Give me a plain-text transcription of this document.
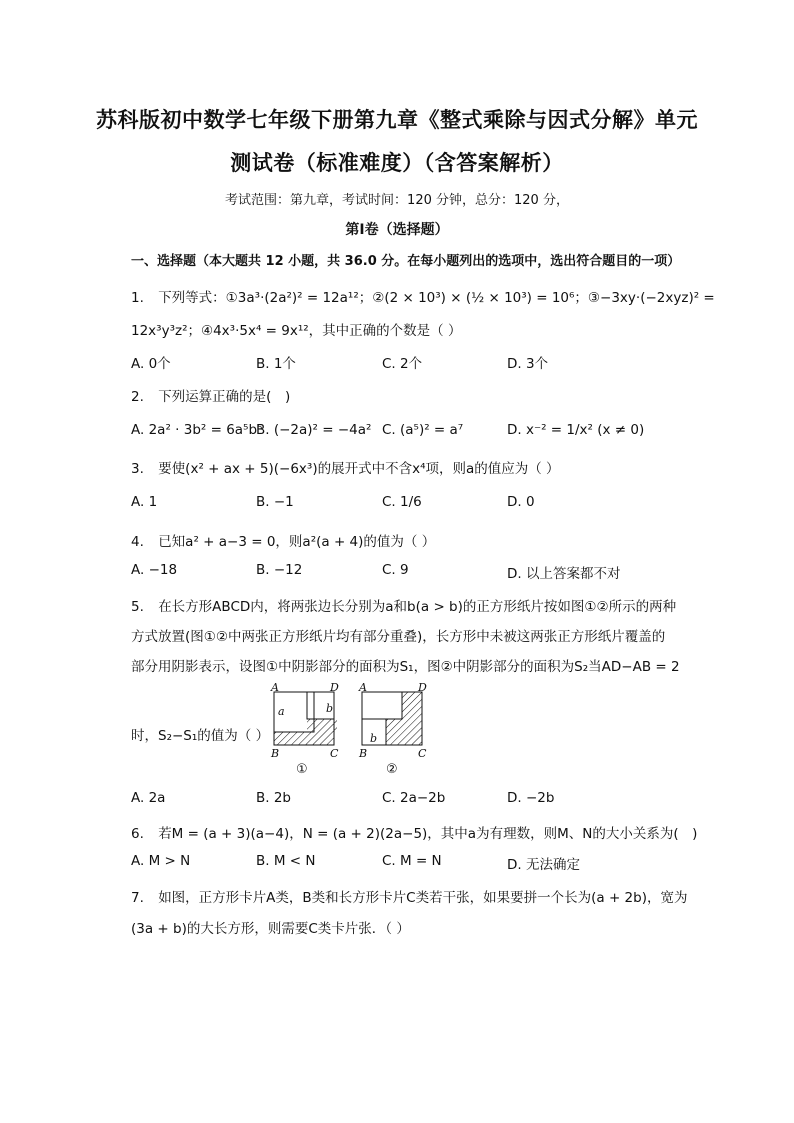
苏科版初中数学七年级下册第九章《整式乘除与因式分解》单元
测试卷（标准难度）（含答案解析）
考试范围：第九章，考试时间：120 分钟，总分：120 分，
第Ⅰ卷（选择题）
一、选择题（本大题共 12 小题，共 36.0 分。在每小题列出的选项中，选出符合题目的一项）
1. 下列等式：①3a³·(2a²)² = 12a¹²；②(2 × 10³) × (½ × 10³) = 10⁶；③−3xy·(−2xyz)² =
12x³y³z²；④4x³·5x⁴ = 9x¹²，其中正确的个数是（ ）
A. 0个	B. 1个	C. 2个	D. 3个
2. 下列运算正确的是(　)
A. 2a² · 3b² = 6a⁵b⁵
B. (−2a)² = −4a² C. (a⁵)² = a⁷	D. x⁻² = 1/x² (x ≠ 0)
3. 要使(x² + ax + 5)(−6x³)的展开式中不含x⁴项，则a的值应为（ ）
A. 1	B. −1	C. 1/6	D. 0
4. 已知a² + a−3 = 0，则a²(a + 4)的值为（ ）
A. −18	B. −12	C. 9	D. 以上答案都不对
5. 在长方形ABCD内，将两张边长分别为a和b(a > b)的正方形纸片按如图①②所示的两种
方式放置(图①②中两张正方形纸片均有部分重叠)，长方形中未被这两张正方形纸片覆盖的
部分用阴影表示，设图①中阴影部分的面积为S₁，图②中阴影部分的面积为S₂当AD−AB = 2
时，S₂−S₁的值为（ ）
A	D
B	C
a	b
①
A	D
B	C
b
②
A. 2a	B. 2b	C. 2a−2b	D. −2b
6. 若M = (a + 3)(a−4)，N = (a + 2)(2a−5)，其中a为有理数，则M、N的大小关系为(　)
A. M > N	B. M < N	C. M = N	D. 无法确定
7. 如图，正方形卡片A类，B类和长方形卡片C类若干张，如果要拼一个长为(a + 2b)，宽为
(3a + b)的大长方形，则需要C类卡片张．（ ）
